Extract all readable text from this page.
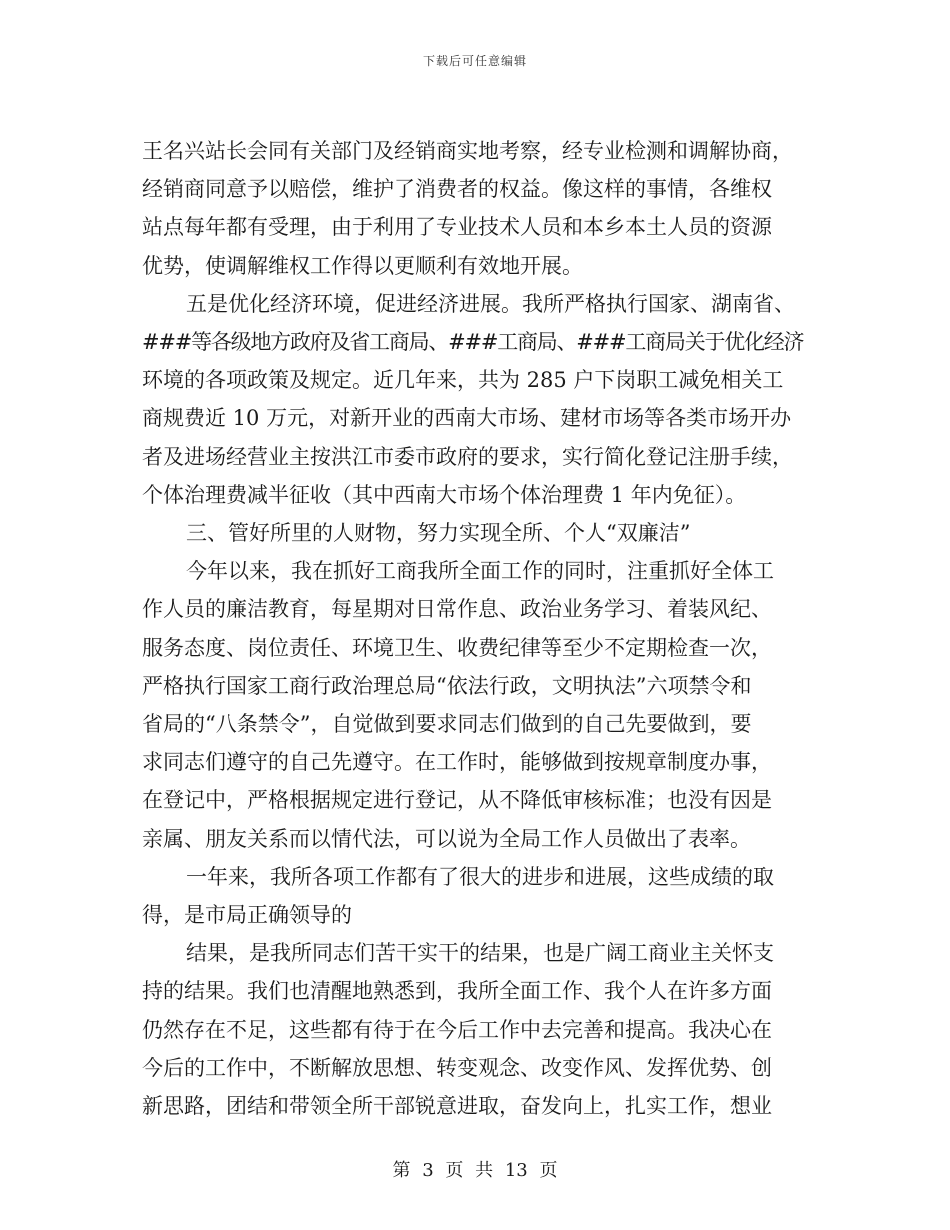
下载后可任意编辑

王名兴站长会同有关部门及经销商实地考察，经专业检测和调解协商，

经销商同意予以赔偿，维护了消费者的权益。像这样的事情，各维权

站点每年都有受理，由于利用了专业技术人员和本乡本土人员的资源

优势，使调解维权工作得以更顺利有效地开展。

五是优化经济环境，促进经济进展。我所严格执行国家、湖南省、

###等各级地方政府及省工商局、###工商局、###工商局关于优化经济

环境的各项政策及规定。近几年来，共为 285 户下岗职工减免相关工

商规费近 10 万元，对新开业的西南大市场、建材市场等各类市场开办

者及进场经营业主按洪江市委市政府的要求，实行简化登记注册手续，

个体治理费减半征收（其中西南大市场个体治理费 1 年内免征）。

三、管好所里的人财物，努力实现全所、个人“双廉洁”

今年以来，我在抓好工商我所全面工作的同时，注重抓好全体工

作人员的廉洁教育，每星期对日常作息、政治业务学习、着装风纪、

服务态度、岗位责任、环境卫生、收费纪律等至少不定期检查一次，

严格执行国家工商行政治理总局“依法行政，文明执法”六项禁令和

省局的“八条禁令”，自觉做到要求同志们做到的自己先要做到，要

求同志们遵守的自己先遵守。在工作时，能够做到按规章制度办事，

在登记中，严格根据规定进行登记，从不降低审核标准；也没有因是

亲属、朋友关系而以情代法，可以说为全局工作人员做出了表率。

一年来，我所各项工作都有了很大的进步和进展，这些成绩的取

得，是市局正确领导的

结果，是我所同志们苦干实干的结果，也是广阔工商业主关怀支

持的结果。我们也清醒地熟悉到，我所全面工作、我个人在许多方面

仍然存在不足，这些都有待于在今后工作中去完善和提高。我决心在

今后的工作中，不断解放思想、转变观念、改变作风、发挥优势、创

新思路，团结和带领全所干部锐意进取，奋发向上，扎实工作，想业

第 3 页 共 13 页
